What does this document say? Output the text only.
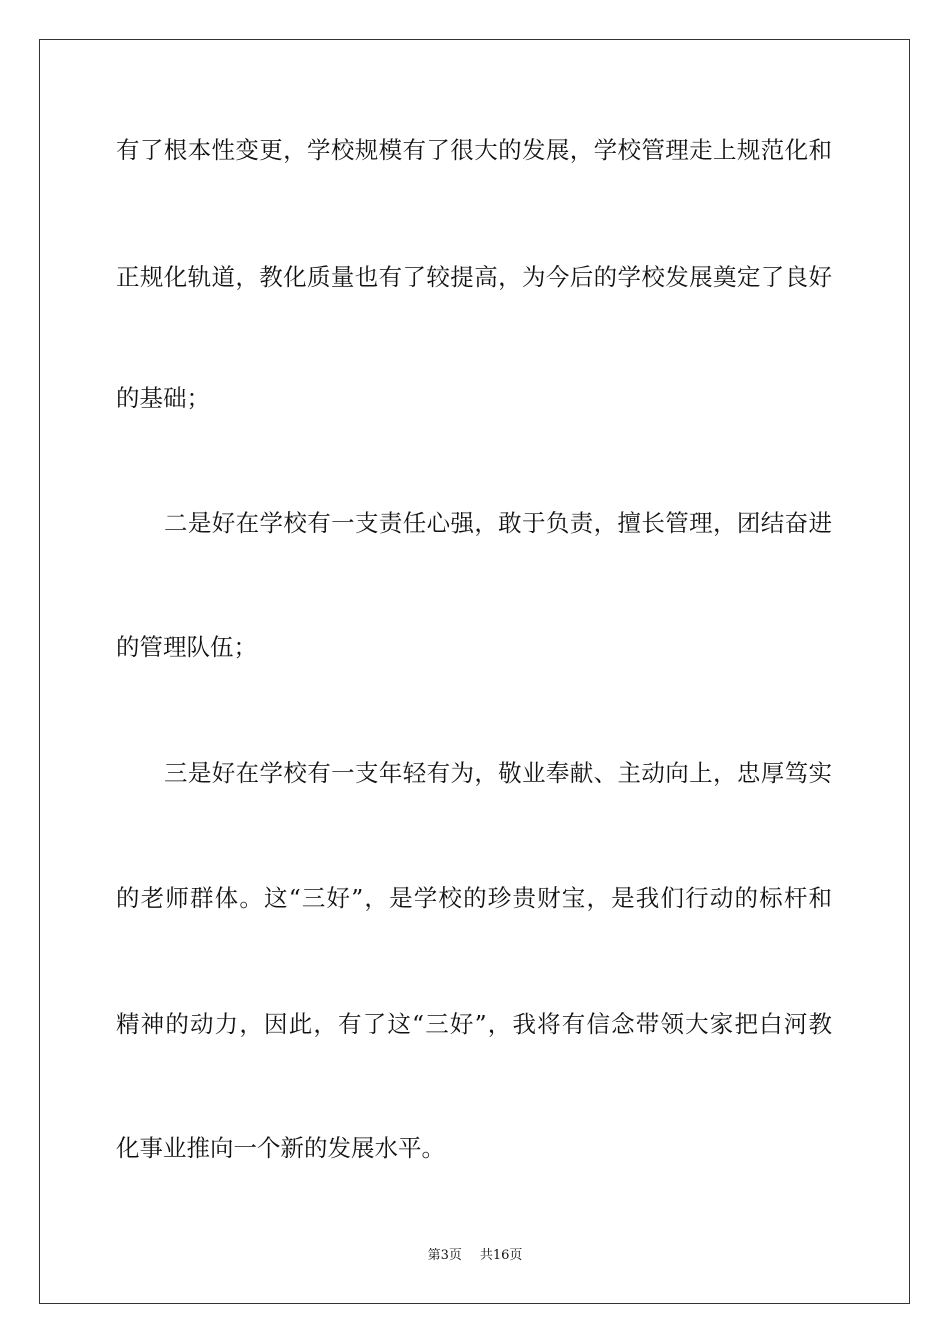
有了根本性变更，学校规模有了很大的发展，学校管理走上规范化和
正规化轨道，教化质量也有了较提高，为今后的学校发展奠定了良好
的基础；
二是好在学校有一支责任心强，敢于负责，擅长管理，团结奋进
的管理队伍；
三是好在学校有一支年轻有为，敬业奉献、主动向上，忠厚笃实
的老师群体。这“三好”，是学校的珍贵财宝，是我们行动的标杆和
精神的动力，因此，有了这“三好”，我将有信念带领大家把白河教
化事业推向一个新的发展水平。
第3页 共16页
